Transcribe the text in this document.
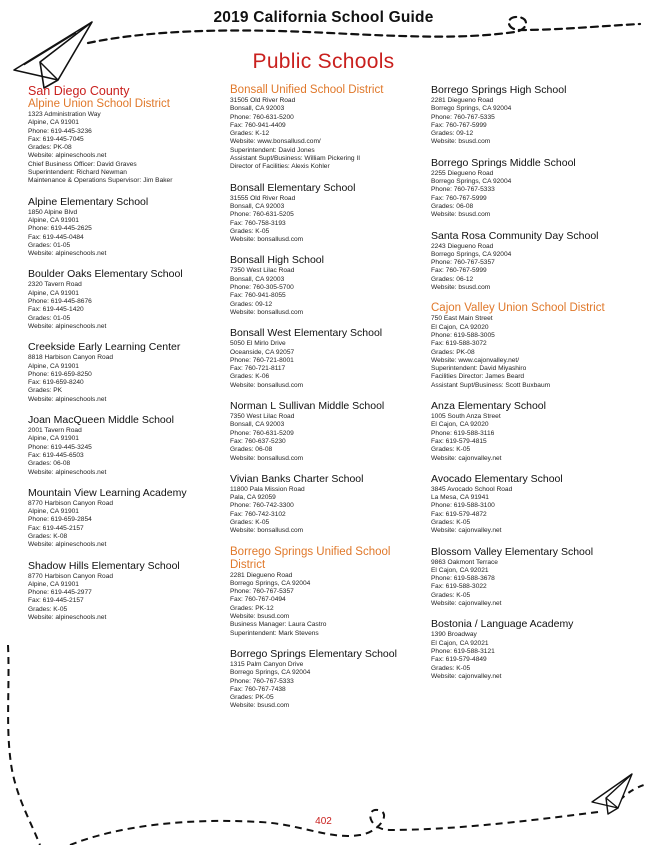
2019 California School Guide
Public Schools
San Diego County
Alpine Union School District
1323 Administration Way
Alpine, CA 91901
Phone: 619-445-3236
Fax: 619-445-7045
Grades: PK-08
Website: alpineschools.net
Chief Business Officer: David Graves
Superintendent: Richard Newman
Maintenance & Operations Supervisor: Jim Baker
Alpine Elementary School
1850 Alpine Blvd
Alpine, CA 91901
Phone: 619-445-2625
Fax: 619-445-0484
Grades: 01-05
Website: alpineschools.net
Boulder Oaks Elementary School
2320 Tavern Road
Alpine, CA 91901
Phone: 619-445-8676
Fax: 619-445-1420
Grades: 01-05
Website: alpineschools.net
Creekside Early Learning Center
8818 Harbison Canyon Road
Alpine, CA 91901
Phone: 619-659-8250
Fax: 619-659-8240
Grades: PK
Website: alpineschools.net
Joan MacQueen Middle School
2001 Tavern Road
Alpine, CA 91901
Phone: 619-445-3245
Fax: 619-445-6503
Grades: 06-08
Website: alpineschools.net
Mountain View Learning Academy
8770 Harbison Canyon Road
Alpine, CA 91901
Phone: 619-659-2854
Fax: 619-445-2157
Grades: K-08
Website: alpineschools.net
Shadow Hills Elementary School
8770 Harbison Canyon Road
Alpine, CA 91901
Phone: 619-445-2977
Fax: 619-445-2157
Grades: K-05
Website: alpineschools.net
Bonsall Unified School District
31505 Old River Road
Bonsall, CA 92003
Phone: 760-631-5200
Fax: 760-941-4409
Grades: K-12
Website: www.bonsallusd.com/
Superintendent: David Jones
Assistant Supt/Business: William Pickering II
Director of Facilities: Alexis Kohler
Bonsall Elementary School
31555 Old River Road
Bonsall, CA 92003
Phone: 760-631-5205
Fax: 760-758-3193
Grades: K-05
Website: bonsallusd.com
Bonsall High School
7350 West Lilac Road
Bonsall, CA 92003
Phone: 760-305-5700
Fax: 760-941-8055
Grades: 09-12
Website: bonsallusd.com
Bonsall West Elementary School
5050 El Mirlo Drive
Oceanside, CA 92057
Phone: 760-721-8001
Fax: 760-721-8117
Grades: K-06
Website: bonsallusd.com
Norman L Sullivan Middle School
7350 West Lilac Road
Bonsall, CA 92003
Phone: 760-631-5209
Fax: 760-637-5230
Grades: 06-08
Website: bonsallusd.com
Vivian Banks Charter School
11800 Pala Mission Road
Pala, CA 92059
Phone: 760-742-3300
Fax: 760-742-3102
Grades: K-05
Website: bonsallusd.com
Borrego Springs Unified School District
2281 Diegueno Road
Borrego Springs, CA 92004
Phone: 760-767-5357
Fax: 760-767-0494
Grades: PK-12
Website: bsusd.com
Business Manager: Laura Castro
Superintendent: Mark Stevens
Borrego Springs Elementary School
1315 Palm Canyon Drive
Borrego Springs, CA 92004
Phone: 760-767-5333
Fax: 760-767-7438
Grades: PK-05
Website: bsusd.com
Borrego Springs High School
2281 Diegueno Road
Borrego Springs, CA 92004
Phone: 760-767-5335
Fax: 760-767-5999
Grades: 09-12
Website: bsusd.com
Borrego Springs Middle School
2255 Diegueno Road
Borrego Springs, CA 92004
Phone: 760-767-5333
Fax: 760-767-5999
Grades: 06-08
Website: bsusd.com
Santa Rosa Community Day School
2243 Diegueno Road
Borrego Springs, CA 92004
Phone: 760-767-5357
Fax: 760-767-5999
Grades: 06-12
Website: bsusd.com
Cajon Valley Union School District
750 East Main Street
El Cajon, CA 92020
Phone: 619-588-3005
Fax: 619-588-3072
Grades: PK-08
Website: www.cajonvalley.net/
Superintendent: David Miyashiro
Facilities Director: James Beard
Assistant Supt/Business: Scott Buxbaum
Anza Elementary School
1005 South Anza Street
El Cajon, CA 92020
Phone: 619-588-3116
Fax: 619-579-4815
Grades: K-05
Website: cajonvalley.net
Avocado Elementary School
3845 Avocado School Road
La Mesa, CA 91941
Phone: 619-588-3100
Fax: 619-579-4872
Grades: K-05
Website: cajonvalley.net
Blossom Valley Elementary School
9863 Oakmont Terrace
El Cajon, CA 92021
Phone: 619-588-3678
Fax: 619-588-3022
Grades: K-05
Website: cajonvalley.net
Bostonia / Language Academy
1390 Broadway
El Cajon, CA 92021
Phone: 619-588-3121
Fax: 619-579-4849
Grades: K-05
Website: cajonvalley.net
402
